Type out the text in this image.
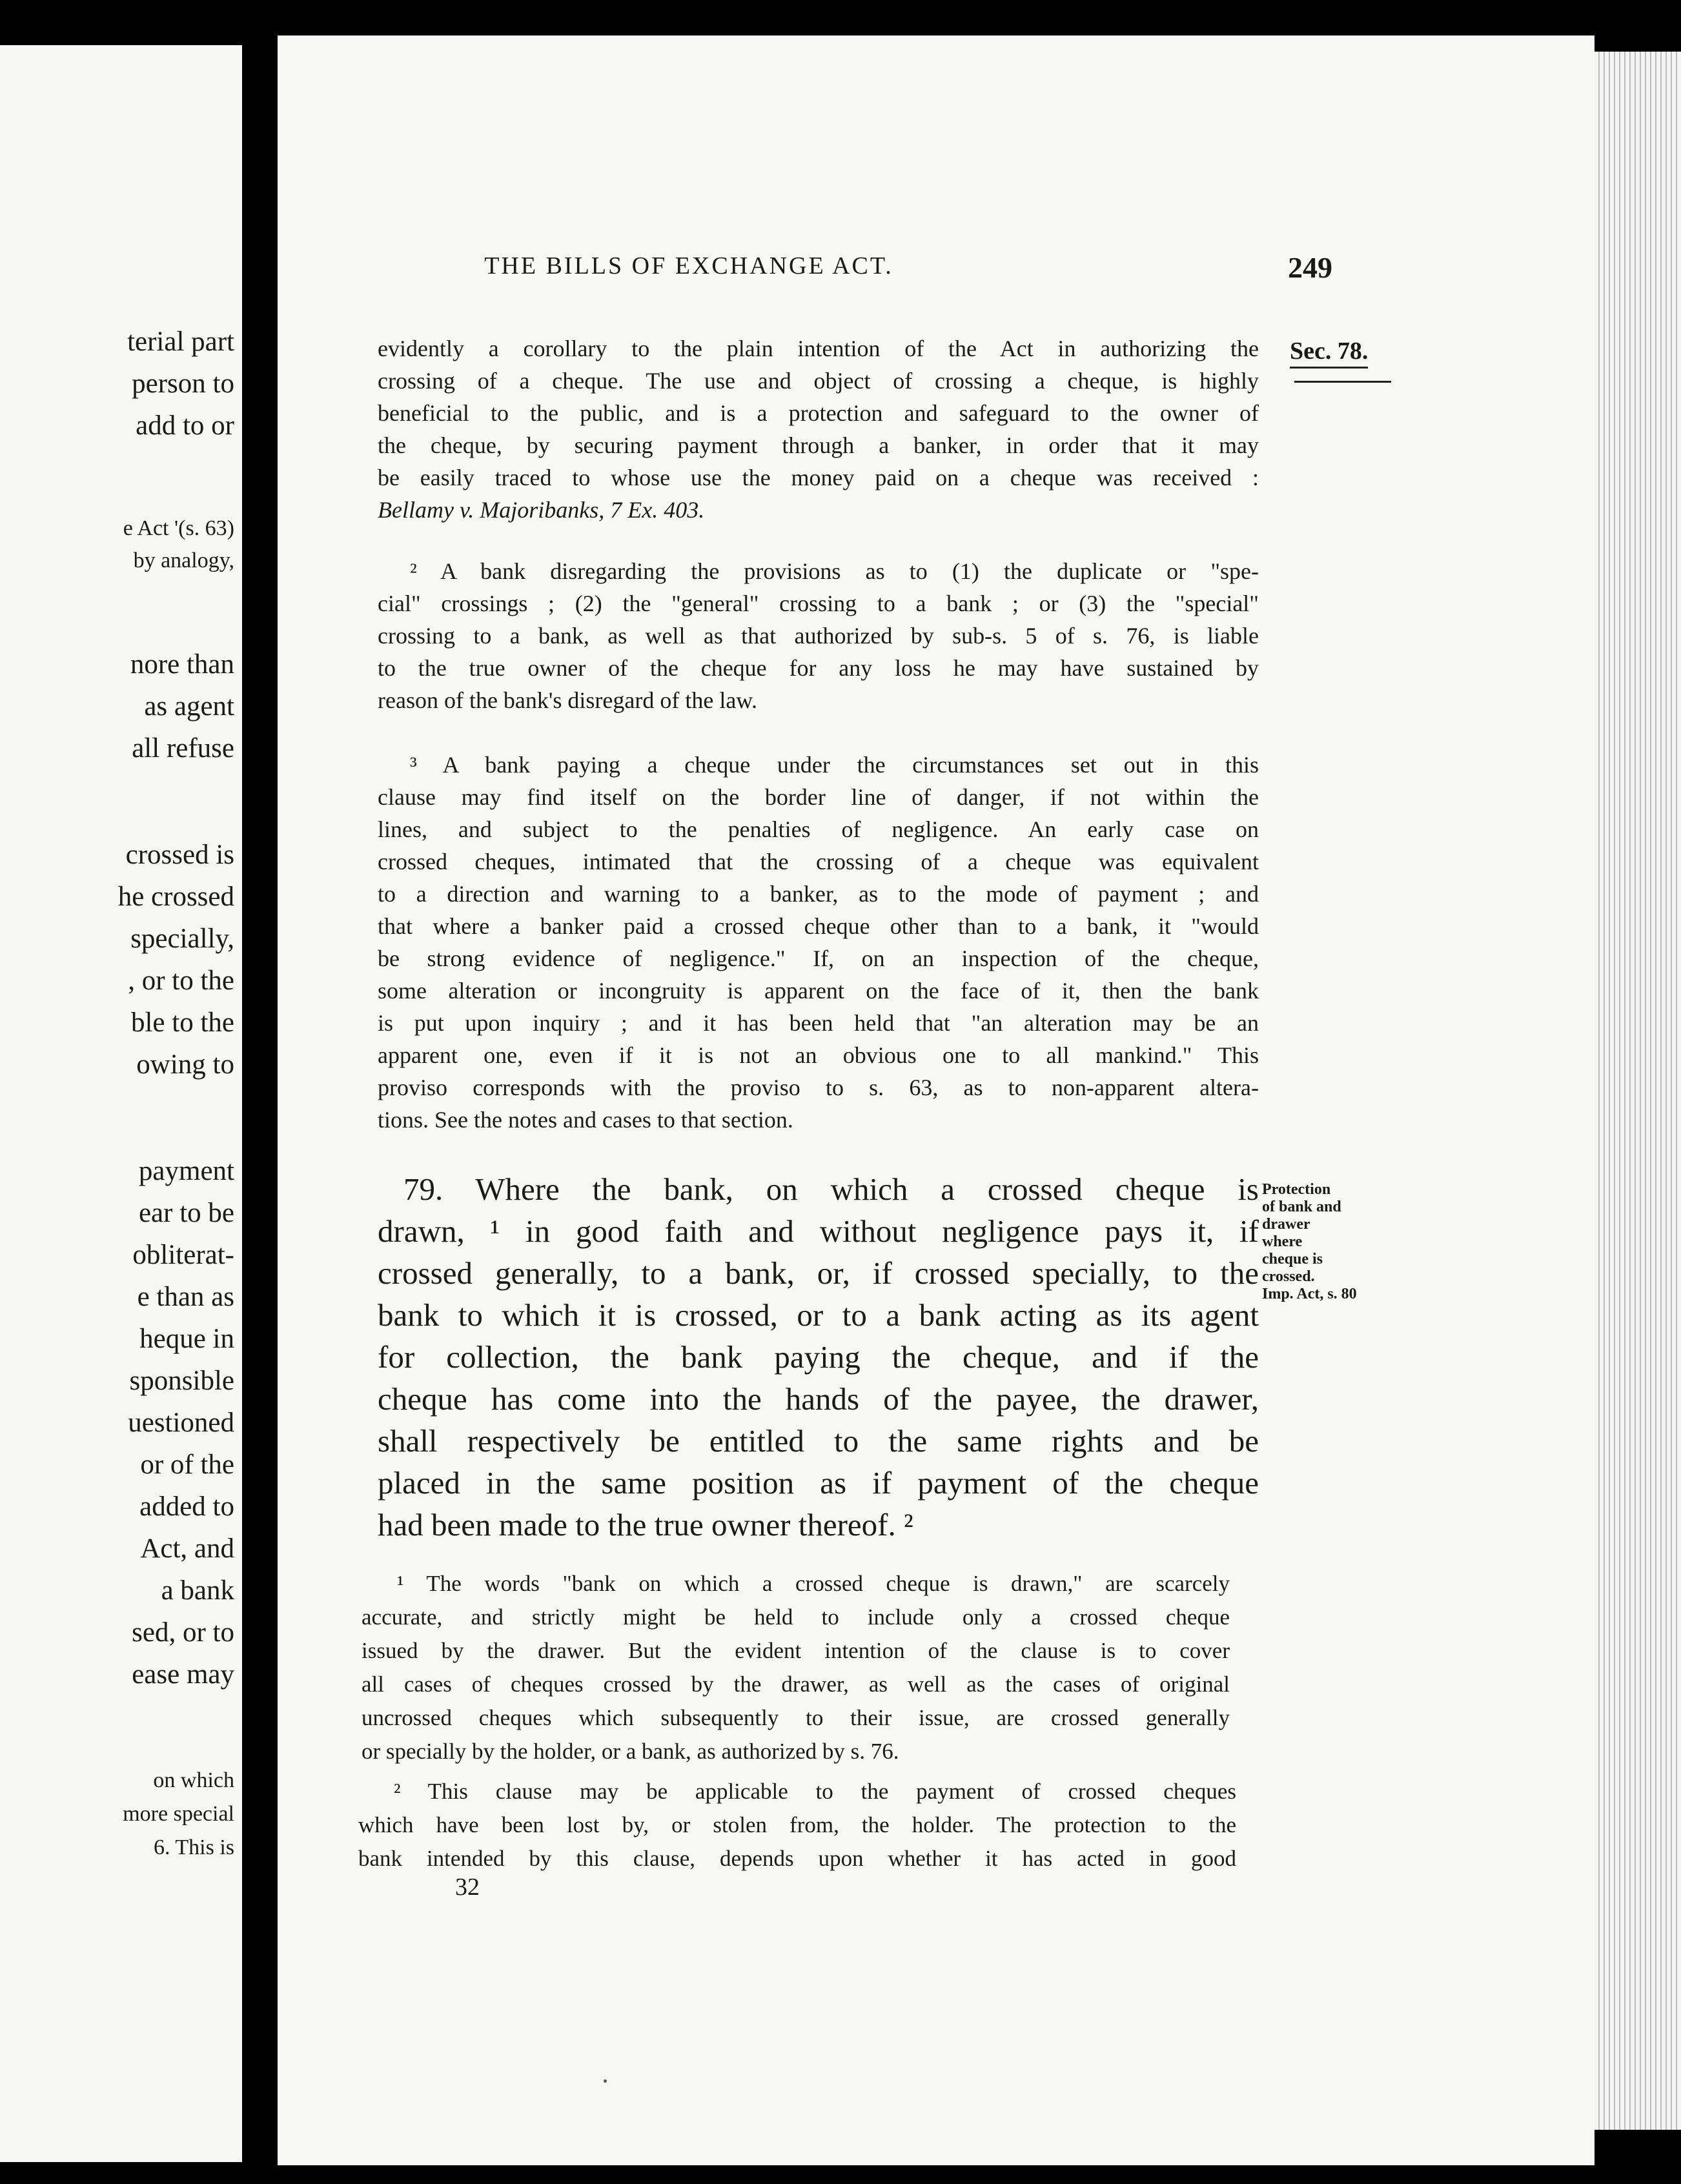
terial part
person to
add to or
e Act '(s. 63)
by analogy,
nore than
as agent
all refuse
crossed is
he crossed
specially,
, or to the
ble to the
owing to
payment
ear to be
obliterat-
e than as
heque in
sponsible
uestioned
or of the
added to
Act, and
a bank
sed, or to
ease may
on which
more special
6. This is
THE BILLS OF EXCHANGE ACT.	249
Sec. 78.
evidently a corollary to the plain intention of the Act in authorizing the
crossing of a cheque. The use and object of crossing a cheque, is highly
beneficial to the public, and is a protection and safeguard to the owner of
the cheque, by securing payment through a banker, in order that it may
be easily traced to whose use the money paid on a cheque was received :
Bellamy v. Majoribanks, 7 Ex. 403.
² A bank disregarding the provisions as to (1) the duplicate or "spe-
cial" crossings ; (2) the "general" crossing to a bank ; or (3) the "special"
crossing to a bank, as well as that authorized by sub-s. 5 of s. 76, is liable
to the true owner of the cheque for any loss he may have sustained by
reason of the bank's disregard of the law.
³ A bank paying a cheque under the circumstances set out in this
clause may find itself on the border line of danger, if not within the
lines, and subject to the penalties of negligence. An early case on
crossed cheques, intimated that the crossing of a cheque was equivalent
to a direction and warning to a banker, as to the mode of payment ; and
that where a banker paid a crossed cheque other than to a bank, it "would
be strong evidence of negligence." If, on an inspection of the cheque,
some alteration or incongruity is apparent on the face of it, then the bank
is put upon inquiry ; and it has been held that "an alteration may be an
apparent one, even if it is not an obvious one to all mankind." This
proviso corresponds with the proviso to s. 63, as to non-apparent altera-
tions. See the notes and cases to that section.
79. Where the bank, on which a crossed cheque is
drawn, ¹ in good faith and without negligence pays it, if
crossed generally, to a bank, or, if crossed specially, to the
bank to which it is crossed, or to a bank acting as its agent
for collection, the bank paying the cheque, and if the
cheque has come into the hands of the payee, the drawer,
shall respectively be entitled to the same rights and be
placed in the same position as if payment of the cheque
had been made to the true owner thereof. ²
Protection
of bank and
drawer
where
cheque is
crossed.
Imp. Act, s. 80
¹ The words "bank on which a crossed cheque is drawn," are scarcely
accurate, and strictly might be held to include only a crossed cheque
issued by the drawer. But the evident intention of the clause is to cover
all cases of cheques crossed by the drawer, as well as the cases of original
uncrossed cheques which subsequently to their issue, are crossed generally
or specially by the holder, or a bank, as authorized by s. 76.
² This clause may be applicable to the payment of crossed cheques
which have been lost by, or stolen from, the holder. The protection to the
bank intended by this clause, depends upon whether it has acted in good
32
